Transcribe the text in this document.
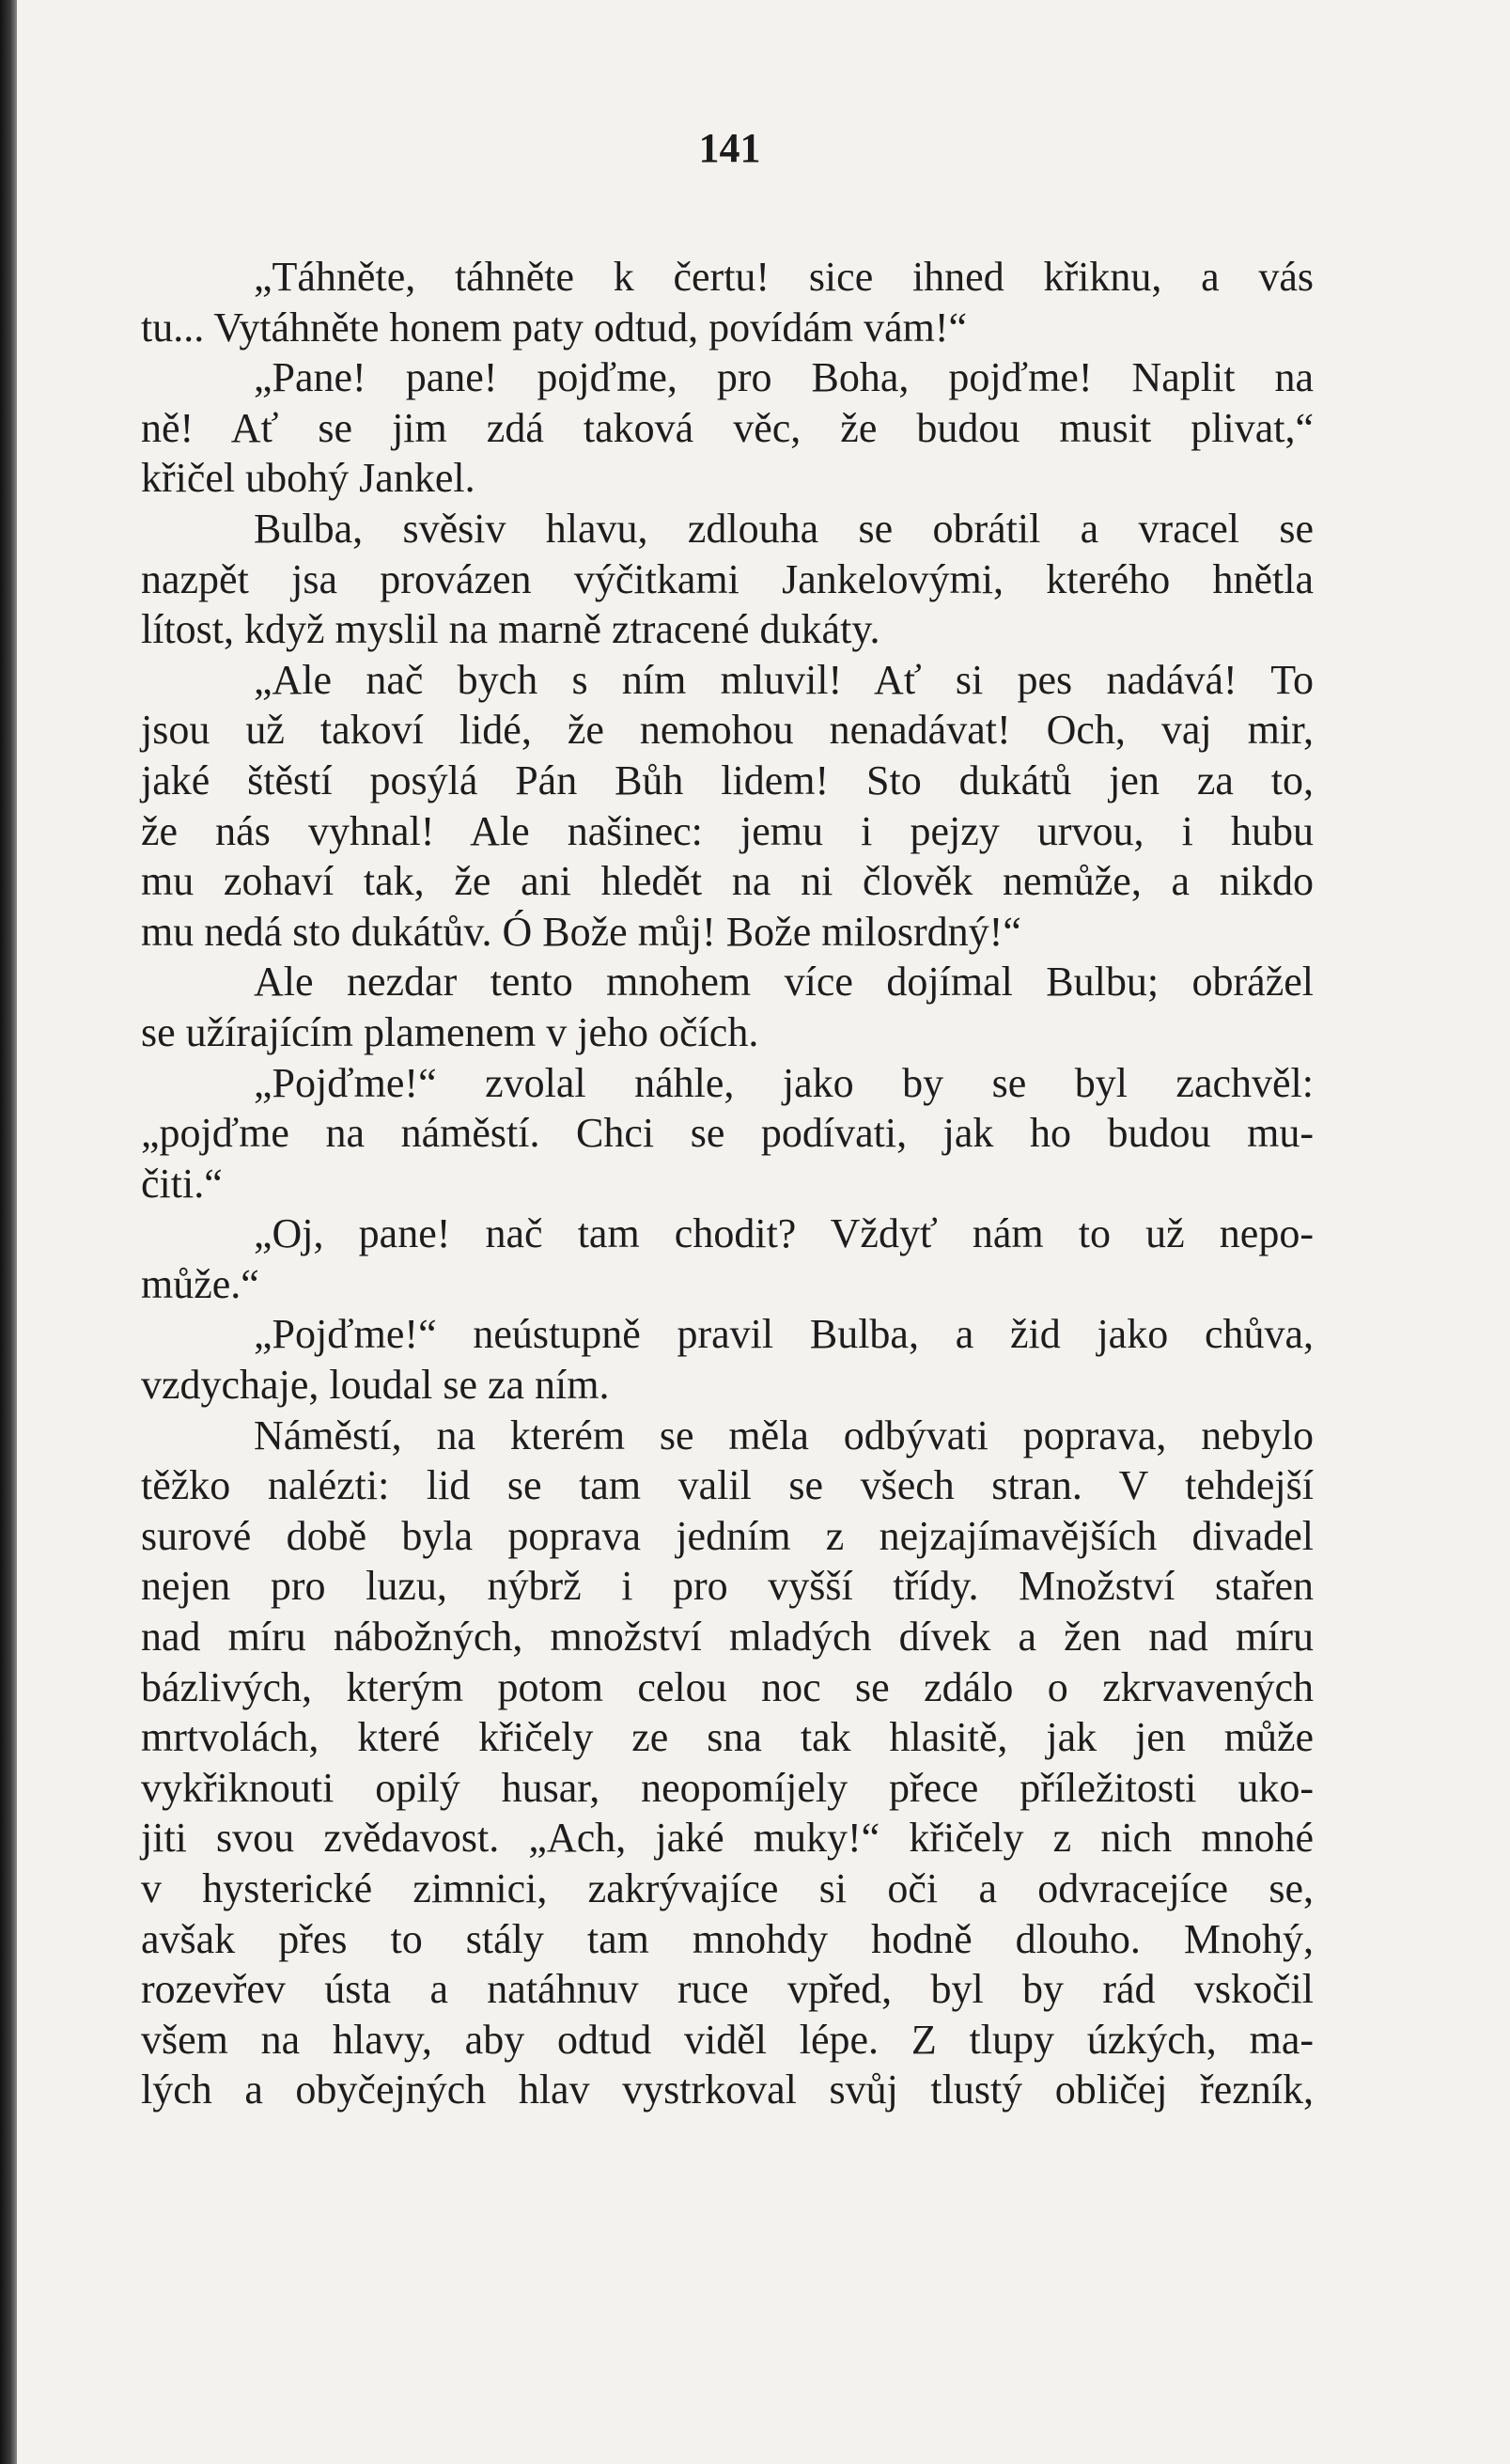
141
„Táhněte, táhněte k čertu! sice ihned křiknu, a vás
tu... Vytáhněte honem paty odtud, povídám vám!“
„Pane! pane! pojďme, pro Boha, pojďme! Naplit na
ně! Ať se jim zdá taková věc, že budou musit plivat,“
křičel ubohý Jankel.
Bulba, svěsiv hlavu, zdlouha se obrátil a vracel se
nazpět jsa provázen výčitkami Jankelovými, kterého hnětla
lítost, když myslil na marně ztracené dukáty.
„Ale nač bych s ním mluvil! Ať si pes nadává! To
jsou už takoví lidé, že nemohou nenadávat! Och, vaj mir,
jaké štěstí posýlá Pán Bůh lidem! Sto dukátů jen za to,
že nás vyhnal! Ale našinec: jemu i pejzy urvou, i hubu
mu zohaví tak, že ani hledět na ni člověk nemůže, a nikdo
mu nedá sto dukátův. Ó Bože můj! Bože milosrdný!“
Ale nezdar tento mnohem více dojímal Bulbu; obrážel
se užírajícím plamenem v jeho očích.
„Pojďme!“ zvolal náhle, jako by se byl zachvěl:
„pojďme na náměstí. Chci se podívati, jak ho budou mu-
čiti.“
„Oj, pane! nač tam chodit? Vždyť nám to už nepo-
může.“
„Pojďme!“ neústupně pravil Bulba, a žid jako chůva,
vzdychaje, loudal se za ním.
Náměstí, na kterém se měla odbývati poprava, nebylo
těžko nalézti: lid se tam valil se všech stran. V tehdejší
surové době byla poprava jedním z nejzajímavějších divadel
nejen pro luzu, nýbrž i pro vyšší třídy. Množství stařen
nad míru nábožných, množství mladých dívek a žen nad míru
bázlivých, kterým potom celou noc se zdálo o zkrvavených
mrtvolách, které křičely ze sna tak hlasitě, jak jen může
vykřiknouti opilý husar, neopomíjely přece příležitosti uko-
jiti svou zvědavost. „Ach, jaké muky!“ křičely z nich mnohé
v hysterické zimnici, zakrývajíce si oči a odvracejíce se,
avšak přes to stály tam mnohdy hodně dlouho. Mnohý,
rozevřev ústa a natáhnuv ruce vpřed, byl by rád vskočil
všem na hlavy, aby odtud viděl lépe. Z tlupy úzkých, ma-
lých a obyčejných hlav vystrkoval svůj tlustý obličej řezník,
